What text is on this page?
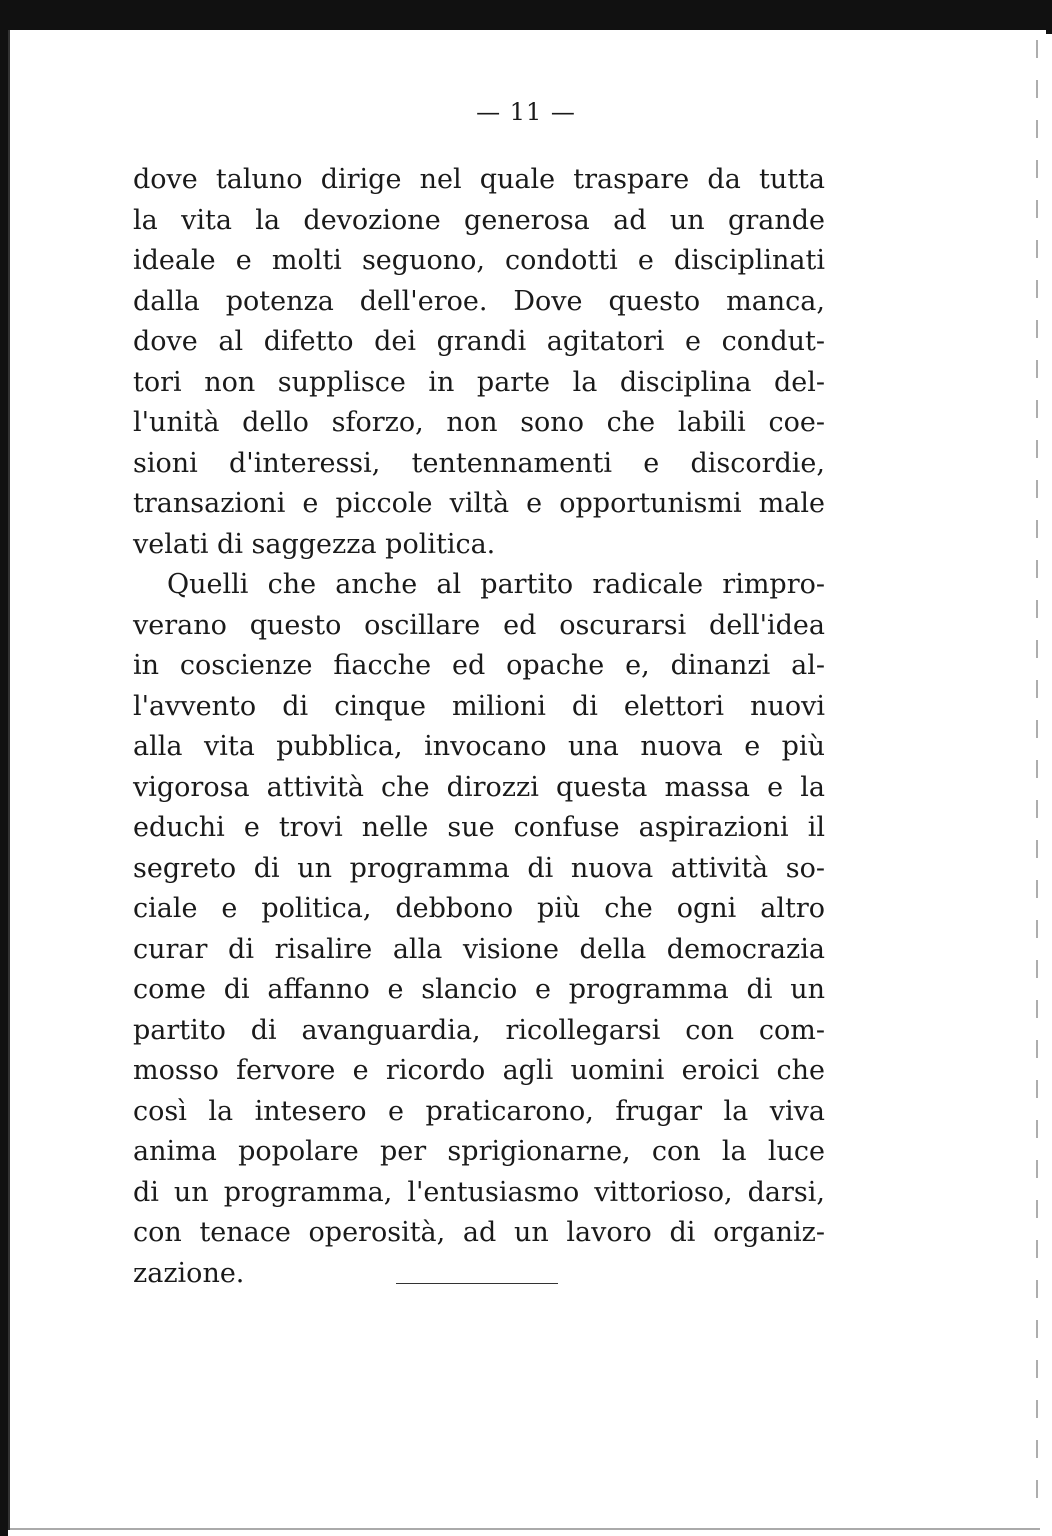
— 11 —
dove taluno dirige nel quale traspare da tutta
la vita la devozione generosa ad un grande
ideale e molti seguono, condotti e disciplinati
dalla potenza dell'eroe. Dove questo manca,
dove al difetto dei grandi agitatori e condut-
tori non supplisce in parte la disciplina del-
l'unità dello sforzo, non sono che labili coe-
sioni d'interessi, tentennamenti e discordie,
transazioni e piccole viltà e opportunismi male
velati di saggezza politica.
Quelli che anche al partito radicale rimpro-
verano questo oscillare ed oscurarsi dell'idea
in coscienze fiacche ed opache e, dinanzi al-
l'avvento di cinque milioni di elettori nuovi
alla vita pubblica, invocano una nuova e più
vigorosa attività che dirozzi questa massa e la
educhi e trovi nelle sue confuse aspirazioni il
segreto di un programma di nuova attività so-
ciale e politica, debbono più che ogni altro
curar di risalire alla visione della democrazia
come di affanno e slancio e programma di un
partito di avanguardia, ricollegarsi con com-
mosso fervore e ricordo agli uomini eroici che
così la intesero e praticarono, frugar la viva
anima popolare per sprigionarne, con la luce
di un programma, l'entusiasmo vittorioso, darsi,
con tenace operosità, ad un lavoro di organiz-
zazione.
